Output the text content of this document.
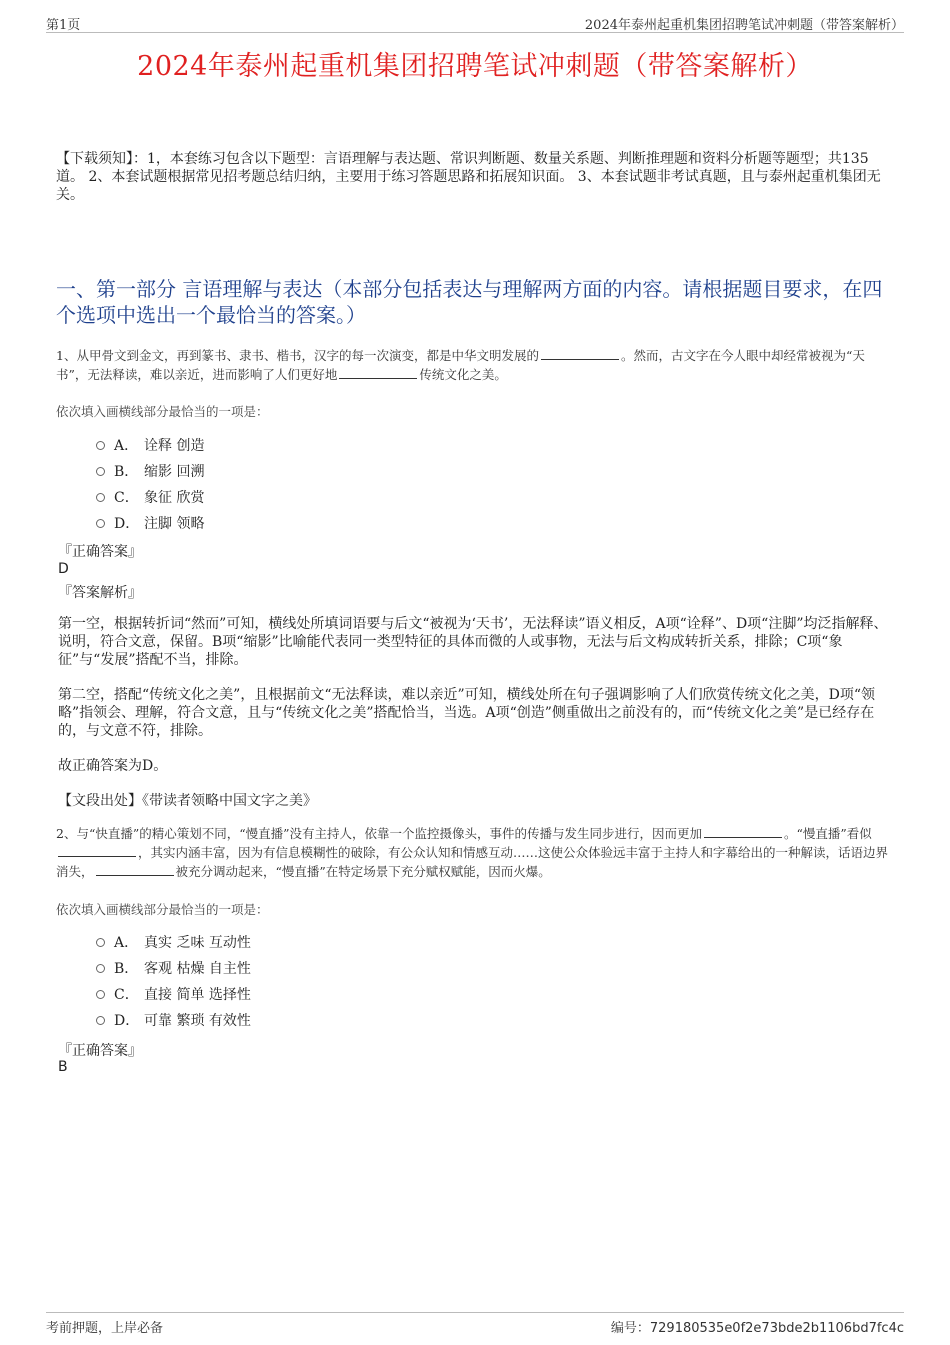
第1页	2024年泰州起重机集团招聘笔试冲刺题（带答案解析）
2024年泰州起重机集团招聘笔试冲刺题（带答案解析）
【下载须知】：1，本套练习包含以下题型：言语理解与表达题、常识判断题、数量关系题、判断推理题和资料分析题等题型；共135道。 2、本套试题根据常见招考题总结归纳，主要用于练习答题思路和拓展知识面。 3、本套试题非考试真题，且与泰州起重机集团无关。
一、第一部分 言语理解与表达（本部分包括表达与理解两方面的内容。请根据题目要求，在四个选项中选出一个最恰当的答案。）
1、从甲骨文到金文，再到篆书、隶书、楷书，汉字的每一次演变，都是中华文明发展的	。然而，古文字在今人眼中却经常被视为“天书”，无法释读，难以亲近，进而影响了人们更好地	传统文化之美。
依次填入画横线部分最恰当的一项是：
A． 诠释 创造
B． 缩影 回溯
C． 象征 欣赏
D． 注脚 领略
『正确答案』
D
『答案解析』
第一空，根据转折词“然而”可知，横线处所填词语要与后文“被视为‘天书’，无法释读”语义相反，A项“诠释”、D项“注脚”均泛指解释、说明，符合文意，保留。B项“缩影”比喻能代表同一类型特征的具体而微的人或事物，无法与后文构成转折关系，排除；C项“象征”与“发展”搭配不当，排除。
第二空，搭配“传统文化之美”，且根据前文“无法释读，难以亲近”可知，横线处所在句子强调影响了人们欣赏传统文化之美，D项“领略”指领会、理解，符合文意，且与“传统文化之美”搭配恰当，当选。A项“创造”侧重做出之前没有的，而“传统文化之美”是已经存在的，与文意不符，排除。
故正确答案为D。
【文段出处】《带读者领略中国文字之美》
2、与“快直播”的精心策划不同，“慢直播”没有主持人，依靠一个监控摄像头，事件的传播与发生同步进行，因而更加	。“慢直播”看似，其实内涵丰富，因为有信息模糊性的破除，有公众认知和情感互动……这使公众体验远丰富于主持人和字幕给出的一种解读，话语边界消失，	被充分调动起来，“慢直播”在特定场景下充分赋权赋能，因而火爆。
依次填入画横线部分最恰当的一项是：
A． 真实 乏味 互动性
B． 客观 枯燥 自主性
C． 直接 简单 选择性
D． 可靠 繁琐 有效性
『正确答案』
B
考前押题，上岸必备	编号：729180535e0f2e73bde2b1106bd7fc4c
